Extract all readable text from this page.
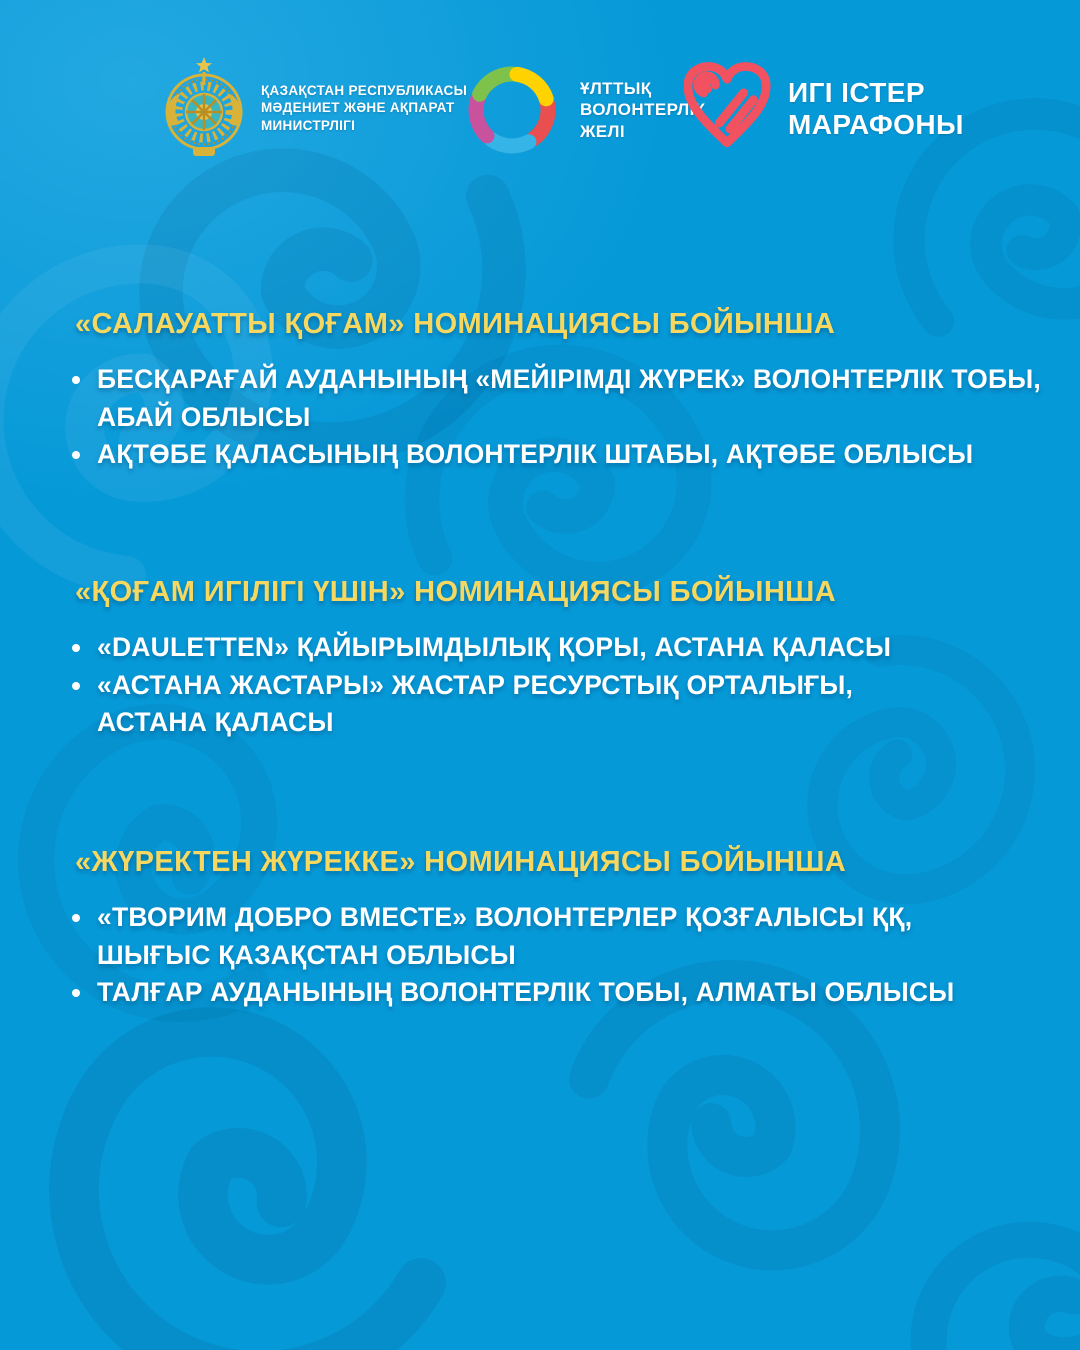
ҚАЗАҚСТАН РЕСПУБЛИКАСЫ
МӘДЕНИЕТ ЖӘНЕ АҚПАРАТ
МИНИСТРЛІГІ
ҰЛТТЫҚ
ВОЛОНТЕРЛІК
ЖЕЛІ
ИГІ ІСТЕР
МАРАФОНЫ
«САЛАУАТТЫ ҚОҒАМ» НОМИНАЦИЯСЫ БОЙЫНША
БЕСҚАРАҒАЙ АУДАНЫНЫҢ «МЕЙІРІМДІ ЖҮРЕК» ВОЛОНТЕРЛІК ТОБЫ,
АБАЙ ОБЛЫСЫ
АҚТӨБЕ ҚАЛАСЫНЫҢ ВОЛОНТЕРЛІК ШТАБЫ, АҚТӨБЕ ОБЛЫСЫ
«ҚОҒАМ ИГІЛІГІ ҮШІН» НОМИНАЦИЯСЫ БОЙЫНША
«DAULETTEN» ҚАЙЫРЫМДЫЛЫҚ ҚОРЫ, АСТАНА ҚАЛАСЫ
«АСТАНА ЖАСТАРЫ» ЖАСТАР РЕСУРСТЫҚ ОРТАЛЫҒЫ,
АСТАНА ҚАЛАСЫ
«ЖҮРЕКТЕН ЖҮРЕККЕ» НОМИНАЦИЯСЫ БОЙЫНША
«ТВОРИМ ДОБРО ВМЕСТЕ» ВОЛОНТЕРЛЕР ҚОЗҒАЛЫСЫ ҚҚ,
ШЫҒЫС ҚАЗАҚСТАН ОБЛЫСЫ
ТАЛҒАР АУДАНЫНЫҢ ВОЛОНТЕРЛІК ТОБЫ, АЛМАТЫ ОБЛЫСЫ
